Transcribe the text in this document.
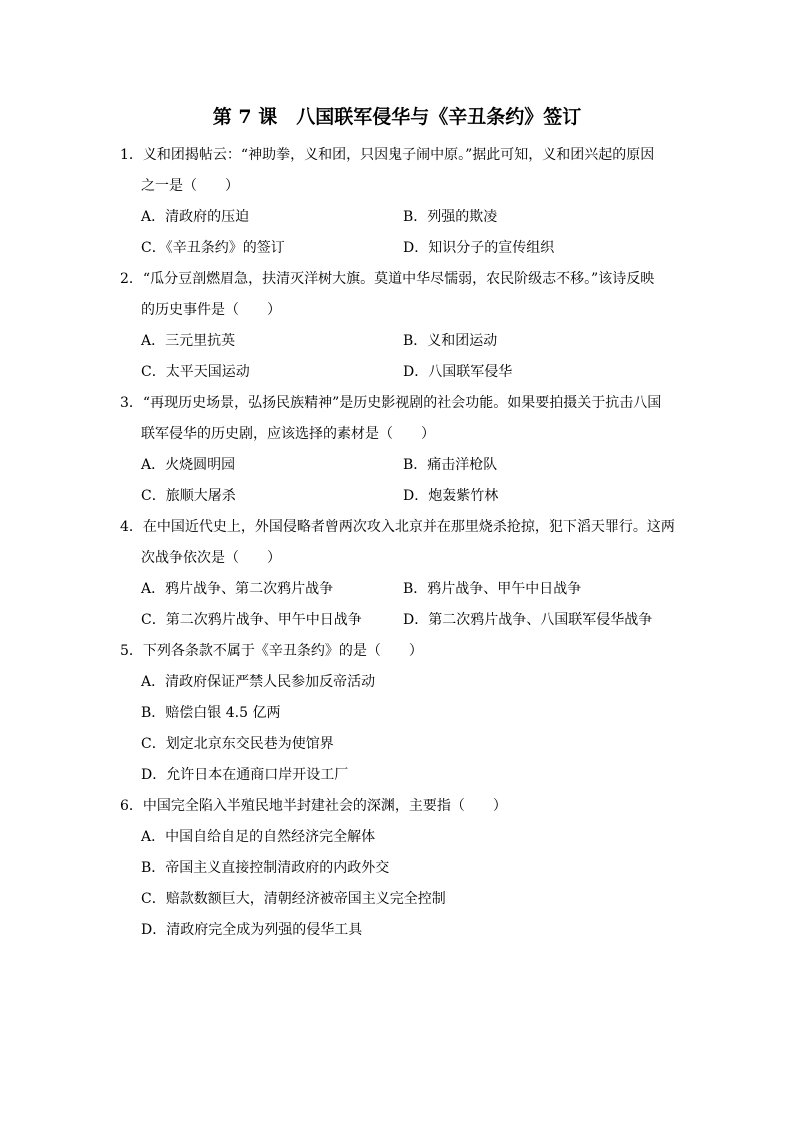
第 7 课　八国联军侵华与《辛丑条约》签订
1．义和团揭帖云：“神助拳，义和团，只因鬼子闹中原。”据此可知，义和团兴起的原因
之一是（　　）
A．清政府的压迫	B．列强的欺凌
C．《辛丑条约》的签订	D．知识分子的宣传组织
2．“瓜分豆剖燃眉急，扶清灭洋树大旗。莫道中华尽懦弱，农民阶级志不移。”该诗反映
的历史事件是（　　）
A．三元里抗英	B．义和团运动
C．太平天国运动	D．八国联军侵华
3．“再现历史场景，弘扬民族精神”是历史影视剧的社会功能。如果要拍摄关于抗击八国
联军侵华的历史剧，应该选择的素材是（　　）
A．火烧圆明园	B．痛击洋枪队
C．旅顺大屠杀	D．炮轰紫竹林
4．在中国近代史上，外国侵略者曾两次攻入北京并在那里烧杀抢掠，犯下滔天罪行。这两
次战争依次是（　　）
A．鸦片战争、第二次鸦片战争	B．鸦片战争、甲午中日战争
C．第二次鸦片战争、甲午中日战争	D．第二次鸦片战争、八国联军侵华战争
5．下列各条款不属于《辛丑条约》的是（　　）
A．清政府保证严禁人民参加反帝活动
B．赔偿白银 4.5 亿两
C．划定北京东交民巷为使馆界
D．允许日本在通商口岸开设工厂
6．中国完全陷入半殖民地半封建社会的深渊，主要指（　　）
A．中国自给自足的自然经济完全解体
B．帝国主义直接控制清政府的内政外交
C．赔款数额巨大，清朝经济被帝国主义完全控制
D．清政府完全成为列强的侵华工具
